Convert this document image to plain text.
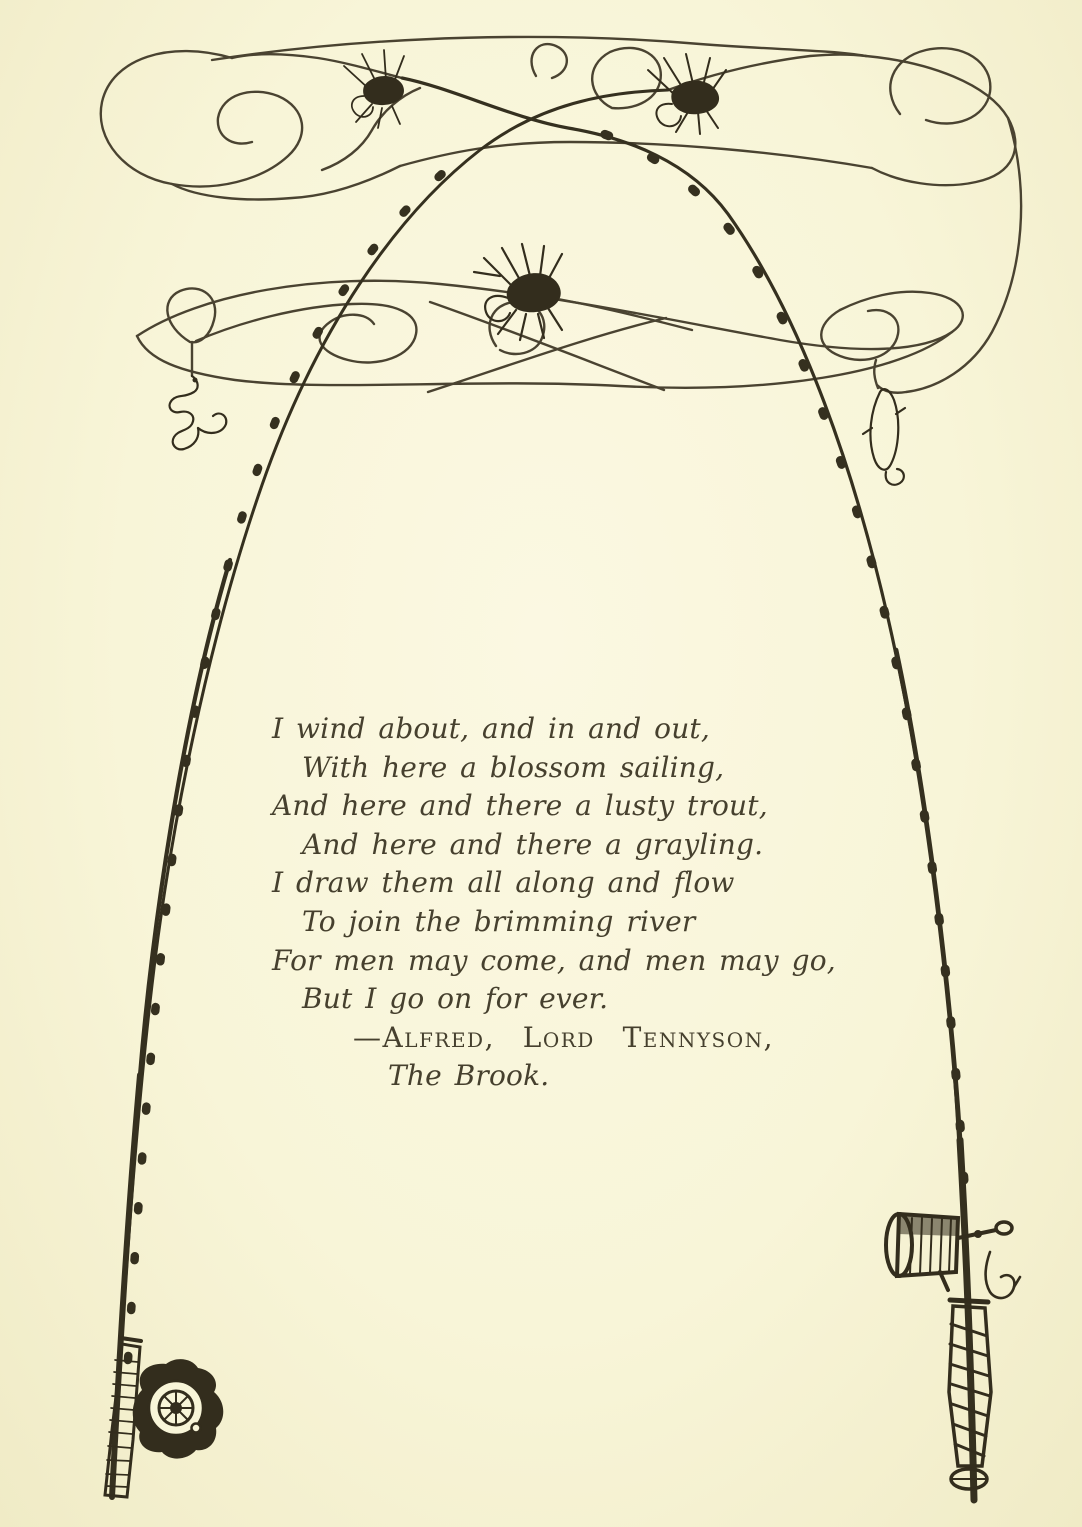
I wind about, and in and out,
With here a blossom sailing,
And here and there a lusty trout,
And here and there a grayling.
I draw them all along and flow
To join the brimming river
For men may come, and men may go,
But I go on for ever.
—Alfred, Lord Tennyson,
The Brook.
